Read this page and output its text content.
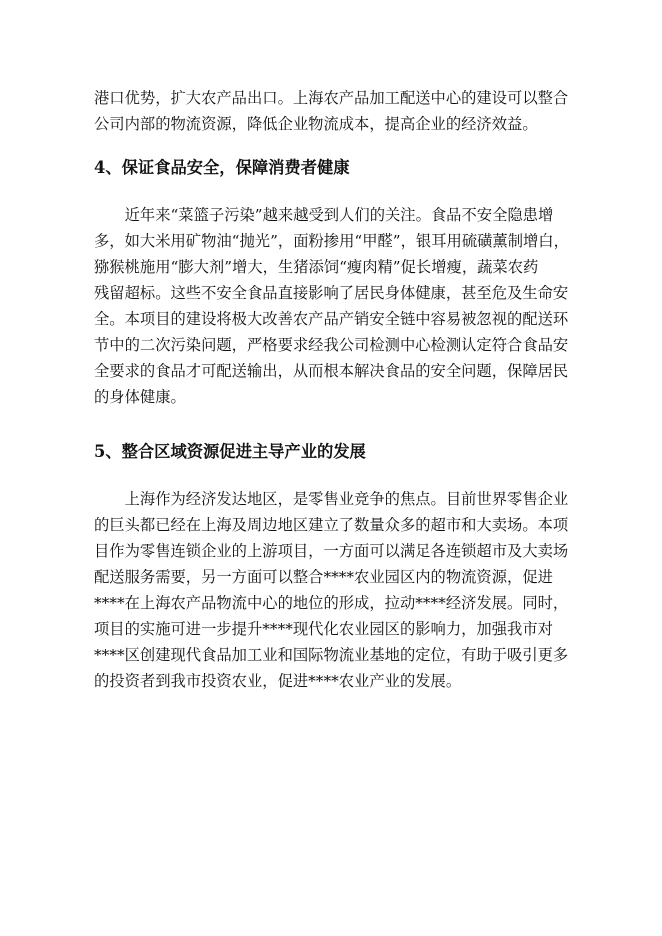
港口优势，扩大农产品出口。上海农产品加工配送中心的建设可以整合
公司内部的物流资源，降低企业物流成本，提高企业的经济效益。
4、保证食品安全，保障消费者健康
　　近年来“菜篮子污染”越来越受到人们的关注。食品不安全隐患增
多，如大米用矿物油“抛光”，面粉掺用“甲醛”，银耳用硫磺薰制增白，
猕猴桃施用“膨大剂”增大，生猪添饲“瘦肉精”促长增瘦，蔬菜农药
残留超标。这些不安全食品直接影响了居民身体健康，甚至危及生命安
全。本项目的建设将极大改善农产品产销安全链中容易被忽视的配送环
节中的二次污染问题，严格要求经我公司检测中心检测认定符合食品安
全要求的食品才可配送输出，从而根本解决食品的安全问题，保障居民
的身体健康。
5、整合区域资源促进主导产业的发展
　　上海作为经济发达地区，是零售业竞争的焦点。目前世界零售企业
的巨头都已经在上海及周边地区建立了数量众多的超市和大卖场。本项
目作为零售连锁企业的上游项目，一方面可以满足各连锁超市及大卖场
配送服务需要，另一方面可以整合****农业园区内的物流资源，促进
****在上海农产品物流中心的地位的形成，拉动****经济发展。同时，
项目的实施可进一步提升****现代化农业园区的影响力，加强我市对
****区创建现代食品加工业和国际物流业基地的定位，有助于吸引更多
的投资者到我市投资农业，促进****农业产业的发展。
